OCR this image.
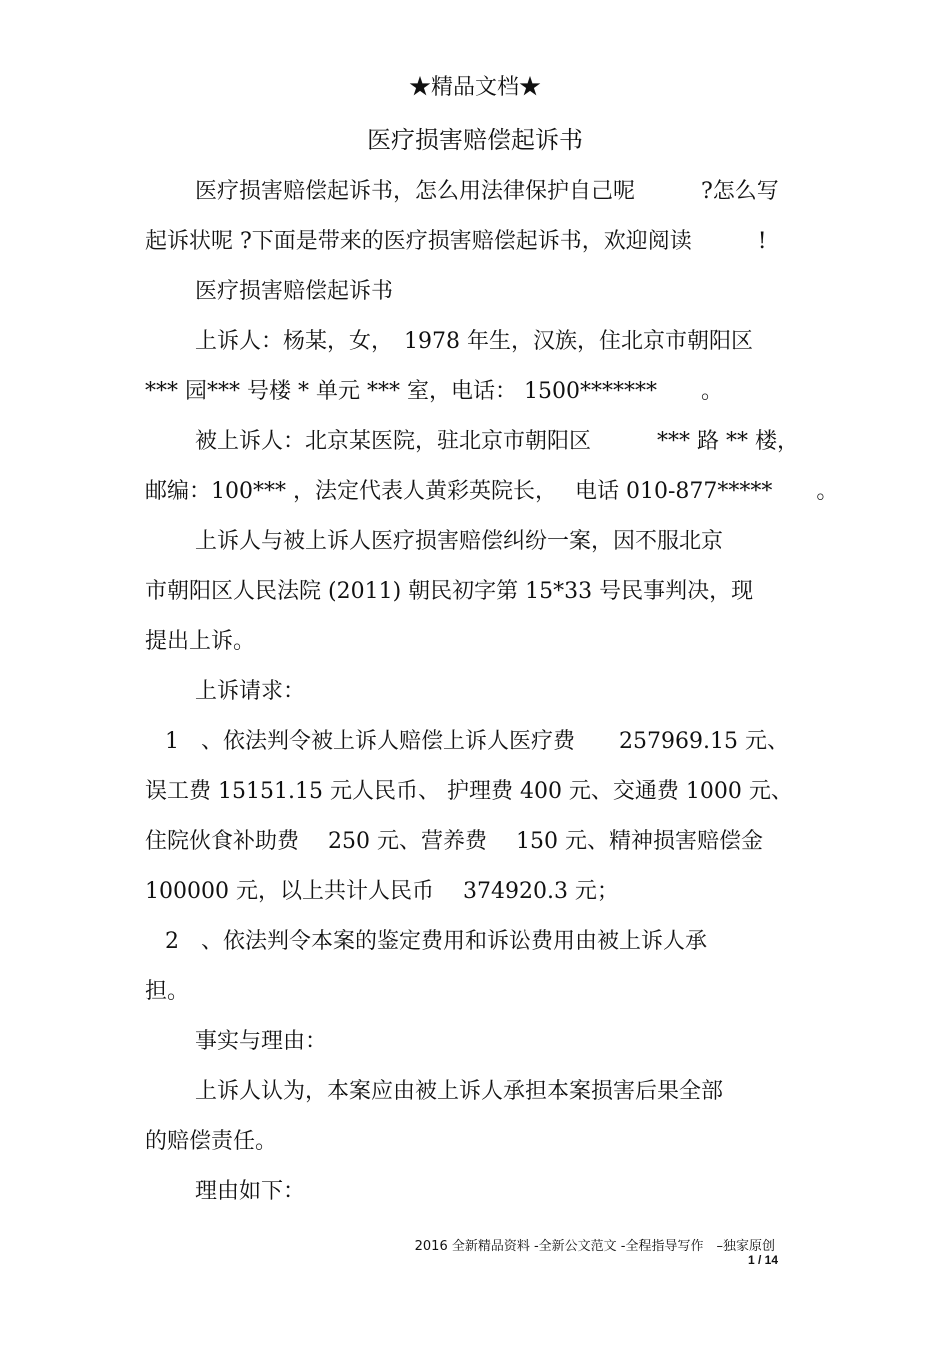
★精品文档★
医疗损害赔偿起诉书
医疗损害赔偿起诉书，怎么用法律保护自己呢　　　?怎么写
起诉状呢 ?下面是带来的医疗损害赔偿起诉书，欢迎阅读　　　!
医疗损害赔偿起诉书
上诉人：杨某，女，　1978 年生，汉族，住北京市朝阳区
*** 园*** 号楼 * 单元 *** 室，电话： 1500*******　　。
被上诉人：北京某医院，驻北京市朝阳区　　　*** 路 ** 楼，
邮编：100*** ，法定代表人黄彩英院长，　 电话 010-877*****　　。
上诉人与被上诉人医疗损害赔偿纠纷一案，因不服北京
市朝阳区人民法院 (2011) 朝民初字第 15*33 号民事判决，现
提出上诉。
上诉请求：
1　、依法判令被上诉人赔偿上诉人医疗费　　257969.15 元、
误工费 15151.15 元人民币、 护理费 400 元、交通费 1000 元、
住院伙食补助费　 250 元、营养费　 150 元、精神损害赔偿金
100000 元，以上共计人民币　 374920.3 元；
2　、依法判令本案的鉴定费用和诉讼费用由被上诉人承
担。
事实与理由：
上诉人认为，本案应由被上诉人承担本案损害后果全部
的赔偿责任。
理由如下：
2016 全新精品资料 -全新公文范文 -全程指导写作　–独家原创
1 / 14
